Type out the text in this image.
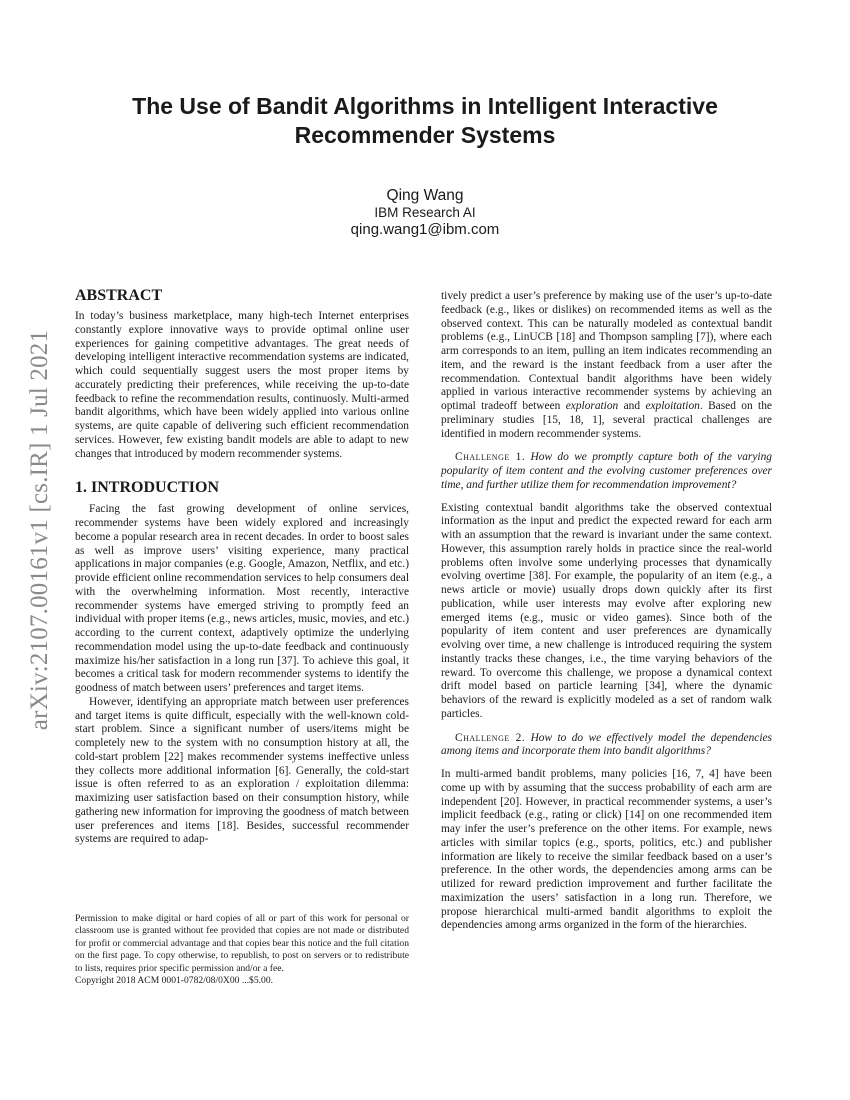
arXiv:2107.00161v1 [cs.IR] 1 Jul 2021
The Use of Bandit Algorithms in Intelligent Interactive
Recommender Systems
Qing Wang
IBM Research AI
qing.wang1@ibm.com
ABSTRACT

In today’s business marketplace, many high-tech Internet enterprises constantly explore innovative ways to provide optimal online user experiences for gaining competitive advantages. The great needs of developing intelligent interactive recommendation systems are indicated, which could sequentially suggest users the most proper items by accurately predicting their preferences, while receiving the up-to-date feedback to refine the recommendation results, continuosly. Multi-armed bandit algorithms, which have been widely applied into various online systems, are quite capable of delivering such efficient recommendation services. However, few existing bandit models are able to adapt to new changes that introduced by modern recommender systems.

1. INTRODUCTION

Facing the fast growing development of online services, recommender systems have been widely explored and increasingly become a popular research area in recent decades. In order to boost sales as well as improve users’ visiting experience, many practical applications in major companies (e.g. Google, Amazon, Netflix, and etc.) provide efficient online recommendation services to help consumers deal with the overwhelming information. Most recently, interactive recommender systems have emerged striving to promptly feed an individual with proper items (e.g., news articles, music, movies, and etc.) according to the current context, adaptively optimize the underlying recommendation model using the up-to-date feedback and continuously maximize his/her satisfaction in a long run [37]. To achieve this goal, it becomes a critical task for modern recommender systems to identify the goodness of match between users’ preferences and target items.

However, identifying an appropriate match between user preferences and target items is quite difficult, especially with the well-known cold-start problem. Since a significant number of users/items might be completely new to the system with no consumption history at all, the cold-start problem [22] makes recommender systems ineffective unless they collects more additional information [6]. Generally, the cold-start issue is often referred to as an exploration / exploitation dilemma: maximizing user satisfaction based on their consumption history, while gathering new information for improving the goodness of match between user preferences and items [18]. Besides, successful recommender systems are required to adap-

Permission to make digital or hard copies of all or part of this work for personal or classroom use is granted without fee provided that copies are not made or distributed for profit or commercial advantage and that copies bear this notice and the full citation on the first page. To copy otherwise, to republish, to post on servers or to redistribute to lists, requires prior specific permission and/or a fee.

Copyright 2018 ACM 0001-0782/08/0X00 ...$5.00.

tively predict a user’s preference by making use of the user’s up-to-date feedback (e.g., likes or dislikes) on recommended items as well as the observed context. This can be naturally modeled as contextual bandit problems (e.g., LinUCB [18] and Thompson sampling [7]), where each arm corresponds to an item, pulling an item indicates recommending an item, and the reward is the instant feedback from a user after the recommendation. Contextual bandit algorithms have been widely applied in various interactive recommender systems by achieving an optimal tradeoff between exploration and exploitation. Based on the preliminary studies [15, 18, 1], several practical challenges are identified in modern recommender systems.

Challenge 1. How do we promptly capture both of the varying popularity of item content and the evolving customer preferences over time, and further utilize them for recommendation improvement?

Existing contextual bandit algorithms take the observed contextual information as the input and predict the expected reward for each arm with an assumption that the reward is invariant under the same context. However, this assumption rarely holds in practice since the real-world problems often involve some underlying processes that dynamically evolving overtime [38]. For example, the popularity of an item (e.g., a news article or movie) usually drops down quickly after its first publication, while user interests may evolve after exploring new emerged items (e.g., music or video games). Since both of the popularity of item content and user preferences are dynamically evolving over time, a new challenge is introduced requiring the system instantly tracks these changes, i.e., the time varying behaviors of the reward. To overcome this challenge, we propose a dynamical context drift model based on particle learning [34], where the dynamic behaviors of the reward is explicitly modeled as a set of random walk particles.

Challenge 2. How to do we effectively model the dependencies among items and incorporate them into bandit algorithms?

In multi-armed bandit problems, many policies [16, 7, 4] have been come up with by assuming that the success probability of each arm are independent [20]. However, in practical recommender systems, a user’s implicit feedback (e.g., rating or click) [14] on one recommended item may infer the user’s preference on the other items. For example, news articles with similar topics (e.g., sports, politics, etc.) and publisher information are likely to receive the similar feedback based on a user’s preference. In the other words, the dependencies among arms can be utilized for reward prediction improvement and further facilitate the maximization the users’ satisfaction in a long run. Therefore, we propose hierarchical multi-armed bandit algorithms to exploit the dependencies among arms organized in the form of the hierarchies.
